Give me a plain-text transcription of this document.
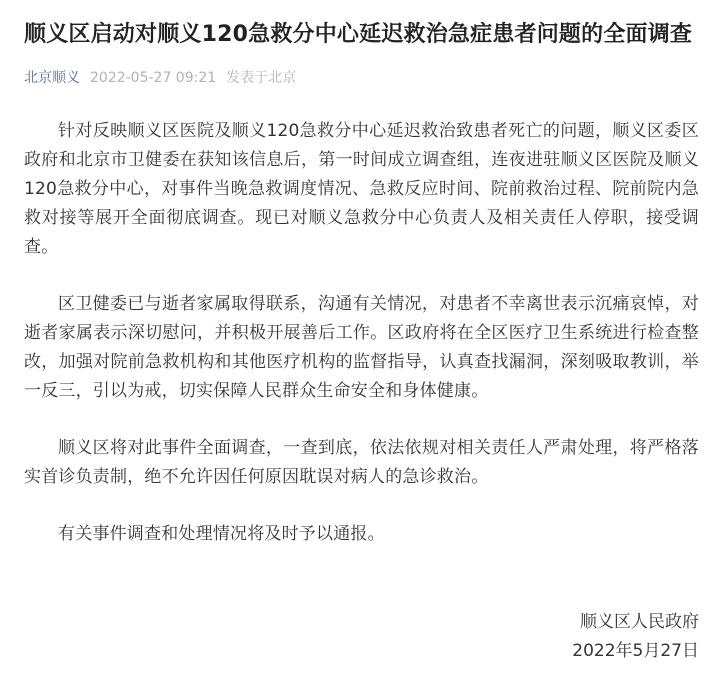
顺义区启动对顺义120急救分中心延迟救治急症患者问题的全面调查
北京顺义 2022-05-27 09:21 发表于北京

针对反映顺义区医院及顺义120急救分中心延迟救治致患者死亡的问题，顺义区委区政府和北京市卫健委在获知该信息后，第一时间成立调查组，连夜进驻顺义区医院及顺义120急救分中心，对事件当晚急救调度情况、急救反应时间、院前救治过程、院前院内急救对接等展开全面彻底调查。现已对顺义急救分中心负责人及相关责任人停职，接受调查。

区卫健委已与逝者家属取得联系，沟通有关情况，对患者不幸离世表示沉痛哀悼，对逝者家属表示深切慰问，并积极开展善后工作。区政府将在全区医疗卫生系统进行检查整改，加强对院前急救机构和其他医疗机构的监督指导，认真查找漏洞，深刻吸取教训，举一反三，引以为戒，切实保障人民群众生命安全和身体健康。

顺义区将对此事件全面调查，一查到底，依法依规对相关责任人严肃处理，将严格落实首诊负责制，绝不允许因任何原因耽误对病人的急诊救治。

有关事件调查和处理情况将及时予以通报。

顺义区人民政府
2022年5月27日
